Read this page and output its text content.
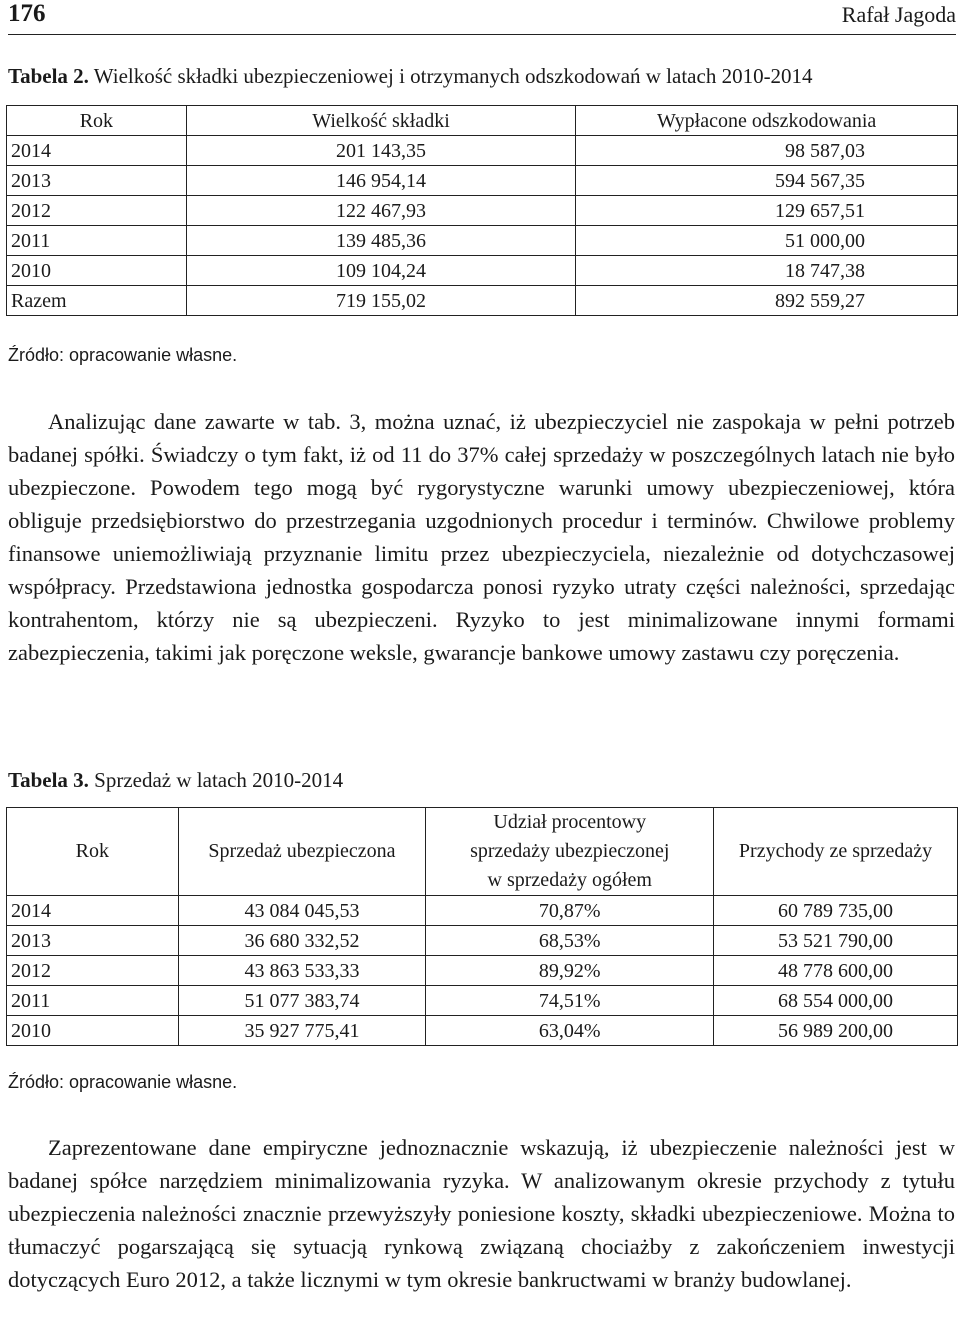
176	Rafał Jagoda
Tabela 2. Wielkość składki ubezpieczeniowej i otrzymanych odszkodowań w latach 2010-2014
Rok	Wielkość składki	Wypłacone odszkodowania
2014	201 143,35	98 587,03
2013	146 954,14	594 567,35
2012	122 467,93	129 657,51
2011	139 485,36	51 000,00
2010	109 104,24	18 747,38
Razem	719 155,02	892 559,27
Źródło: opracowanie własne.

Analizując dane zawarte w tab. 3, można uznać, iż ubezpieczyciel nie zaspokaja w pełni potrzeb badanej spółki. Świadczy o tym fakt, iż od 11 do 37% całej sprzedaży w poszczególnych latach nie było ubezpieczone. Powodem tego mogą być rygorystyczne warunki umowy ubezpieczeniowej, która obliguje przedsiębiorstwo do przestrzegania uzgodnionych procedur i terminów. Chwilowe problemy finansowe uniemożliwiają przyznanie limitu przez ubezpieczyciela, niezależnie od dotychczasowej współpracy. Przedstawiona jednostka gospodarcza ponosi ryzyko utraty części należności, sprzedając kontrahentom, którzy nie są ubezpieczeni. Ryzyko to jest minimalizowane innymi formami zabezpieczenia, takimi jak poręczone weksle, gwarancje bankowe umowy zastawu czy poręczenia.

Tabela 3. Sprzedaż w latach 2010-2014
Rok	Sprzedaż ubezpieczona	Udział procentowy
sprzedaży ubezpieczonej
w sprzedaży ogółem	Przychody ze sprzedaży
2014	43 084 045,53	70,87%	60 789 735,00
2013	36 680 332,52	68,53%	53 521 790,00
2012	43 863 533,33	89,92%	48 778 600,00
2011	51 077 383,74	74,51%	68 554 000,00
2010	35 927 775,41	63,04%	56 989 200,00
Źródło: opracowanie własne.

Zaprezentowane dane empiryczne jednoznacznie wskazują, iż ubezpieczenie należności jest w badanej spółce narzędziem minimalizowania ryzyka. W analizowanym okresie przychody z tytułu ubezpieczenia należności znacznie przewyższyły poniesione koszty, składki ubezpieczeniowe. Można to tłumaczyć pogarszającą się sytuacją rynkową związaną chociażby z zakończeniem inwestycji dotyczących Euro 2012, a także licznymi w tym okresie bankructwami w branży budowlanej.
